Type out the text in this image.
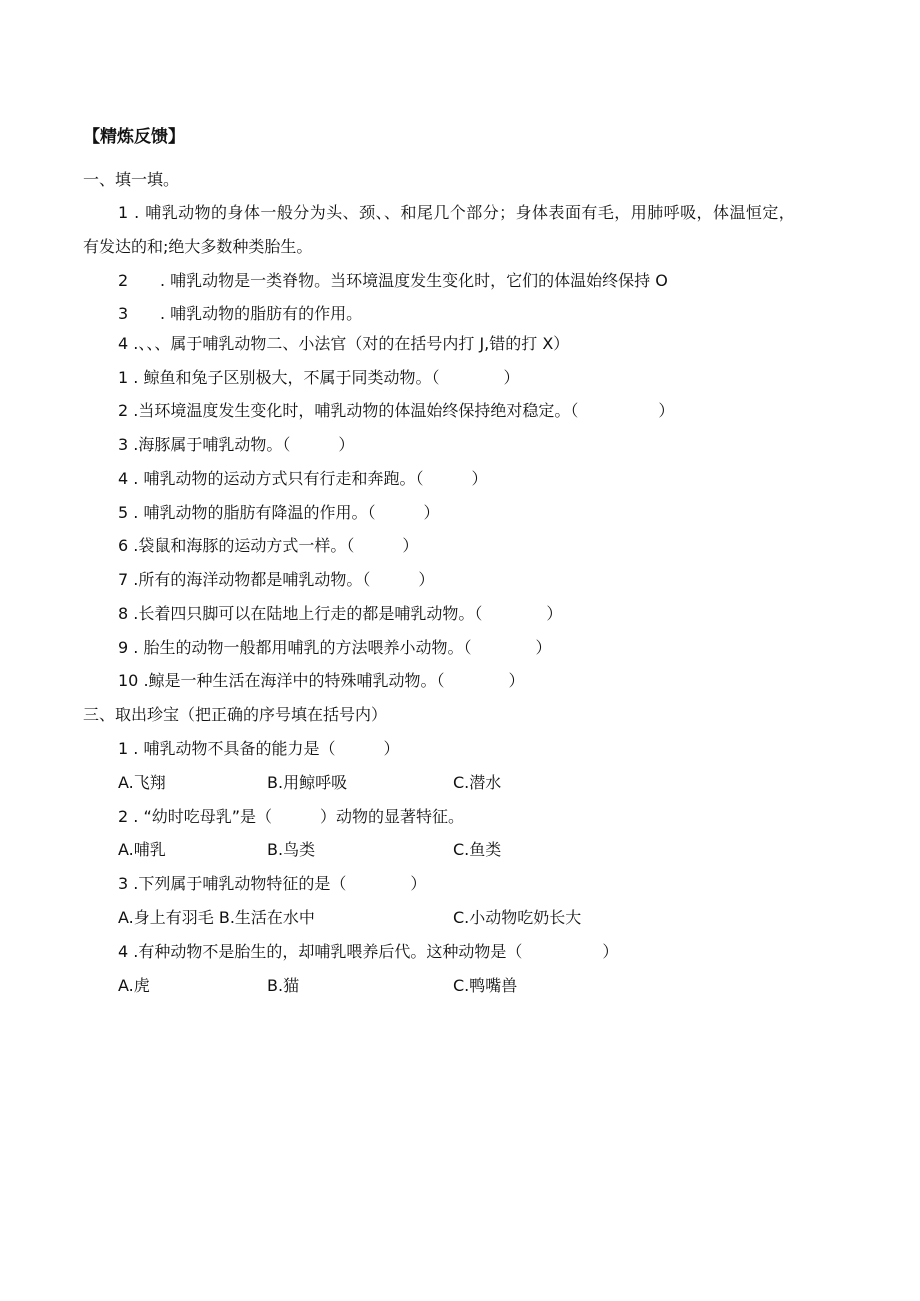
【精炼反馈】
一、填一填。
1 . 哺乳动物的身体一般分为头、颈、、和尾几个部分；身体表面有毛，用肺呼吸，体温恒定，
有发达的和;绝大多数种类胎生。
2 . 哺乳动物是一类脊物。当环境温度发生变化时，它们的体温始终保持 O
3 . 哺乳动物的脂肪有的作用。
4 .、、、属于哺乳动物二、小法官（对的在括号内打 J,错的打 X）
1 . 鲸鱼和兔子区别极大，不属于同类动物。（　　　　）
2 .当环境温度发生变化时，哺乳动物的体温始终保持绝对稳定。（　　　　　）
3 .海豚属于哺乳动物。（　　　）
4 . 哺乳动物的运动方式只有行走和奔跑。（　　　）
5 . 哺乳动物的脂肪有降温的作用。（　　　）
6 .袋鼠和海豚的运动方式一样。（　　　）
7 .所有的海洋动物都是哺乳动物。（　　　）
8 .长着四只脚可以在陆地上行走的都是哺乳动物。（　　　　）
9 . 胎生的动物一般都用哺乳的方法喂养小动物。（　　　　）
10 .鲸是一种生活在海洋中的特殊哺乳动物。（　　　　）
三、取出珍宝（把正确的序号填在括号内）
1 . 哺乳动物不具备的能力是（　　　）
A.飞翔	B.用鲸呼吸	C.潜水
2 . “幼时吃母乳”是（　　　）动物的显著特征。
A.哺乳	B.鸟类	C.鱼类
3 .下列属于哺乳动物特征的是（　　　　）
A.身上有羽毛 B.生活在水中	C.小动物吃奶长大
4 .有种动物不是胎生的，却哺乳喂养后代。这种动物是（　　　　　）
A.虎	B.猫	C.鸭嘴兽
